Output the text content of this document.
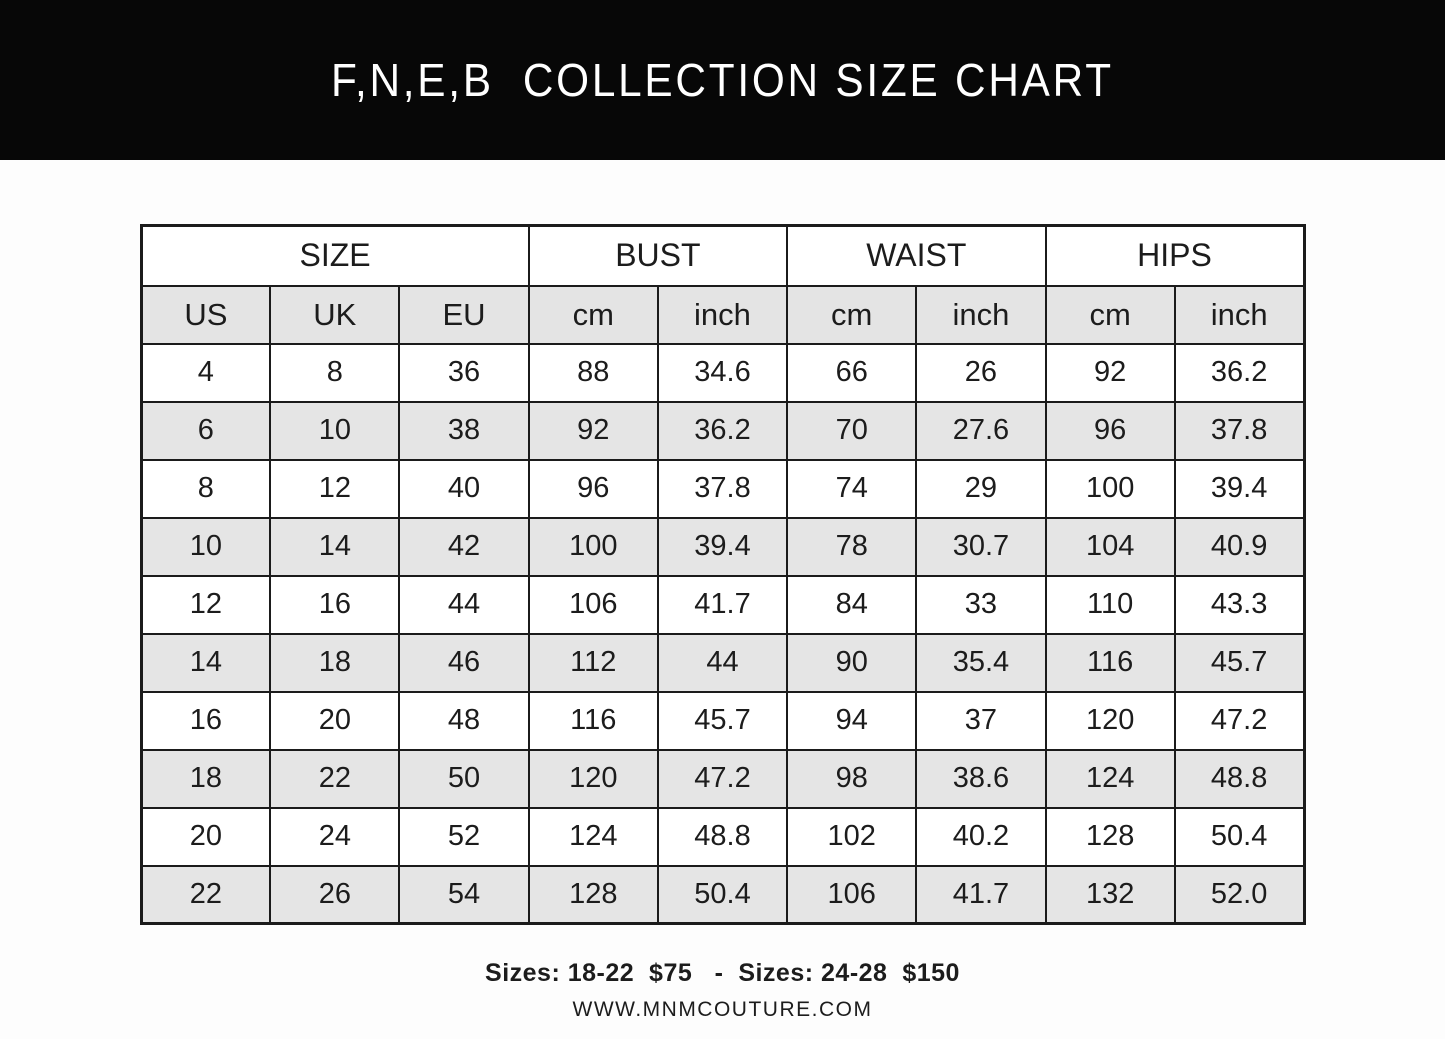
F,N,E,B  COLLECTION SIZE CHART
SIZE			BUST		WAIST		HIPS	
US	UK	EU	cm	inch	cm	inch	cm	inch
4	8	36	88	34.6	66	26	92	36.2
6	10	38	92	36.2	70	27.6	96	37.8
8	12	40	96	37.8	74	29	100	39.4
10	14	42	100	39.4	78	30.7	104	40.9
12	16	44	106	41.7	84	33	110	43.3
14	18	46	112	44	90	35.4	116	45.7
16	20	48	116	45.7	94	37	120	47.2
18	22	50	120	47.2	98	38.6	124	48.8
20	24	52	124	48.8	102	40.2	128	50.4
22	26	54	128	50.4	106	41.7	132	52.0

Sizes: 18-22  $75   -  Sizes: 24-28  $150

WWW.MNMCOUTURE.COM
